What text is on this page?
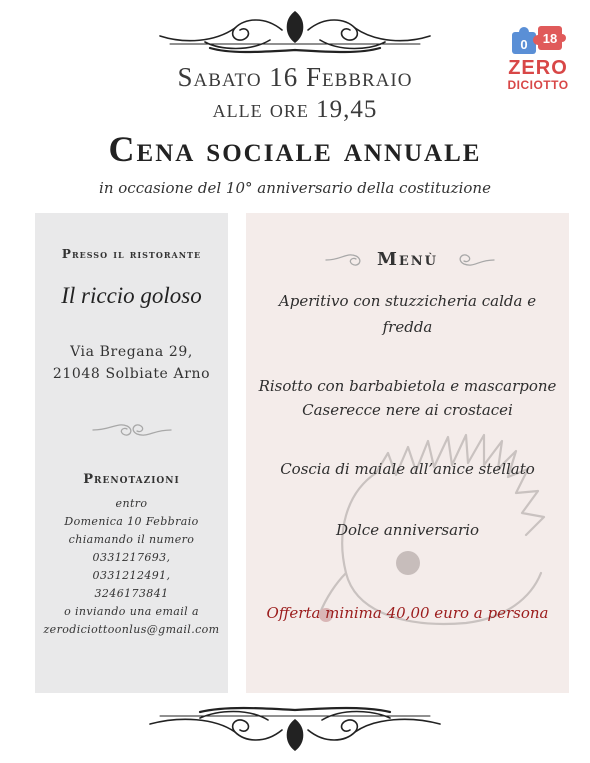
Sabato 16 Febbraio
alle ore 19,45
Cena sociale annuale
in occasione del 10° anniversario della costituzione
0 18
ZERO
DICIOTTO
Presso il ristorante
Il riccio goloso
Via Bregana 29,
21048 Solbiate Arno
Prenotazioni
entro
Domenica 10 Febbraio
chiamando il numero
0331217693,
0331212491,
3246173841
o inviando una email a
zerodiciottoonlus@gmail.com
Menù
Aperitivo con stuzzicheria calda e
fredda
Risotto con barbabietola e mascarpone
Caserecce nere ai crostacei
Coscia di maiale all’anice stellato
Dolce anniversario
Offerta minima 40,00 euro a persona
